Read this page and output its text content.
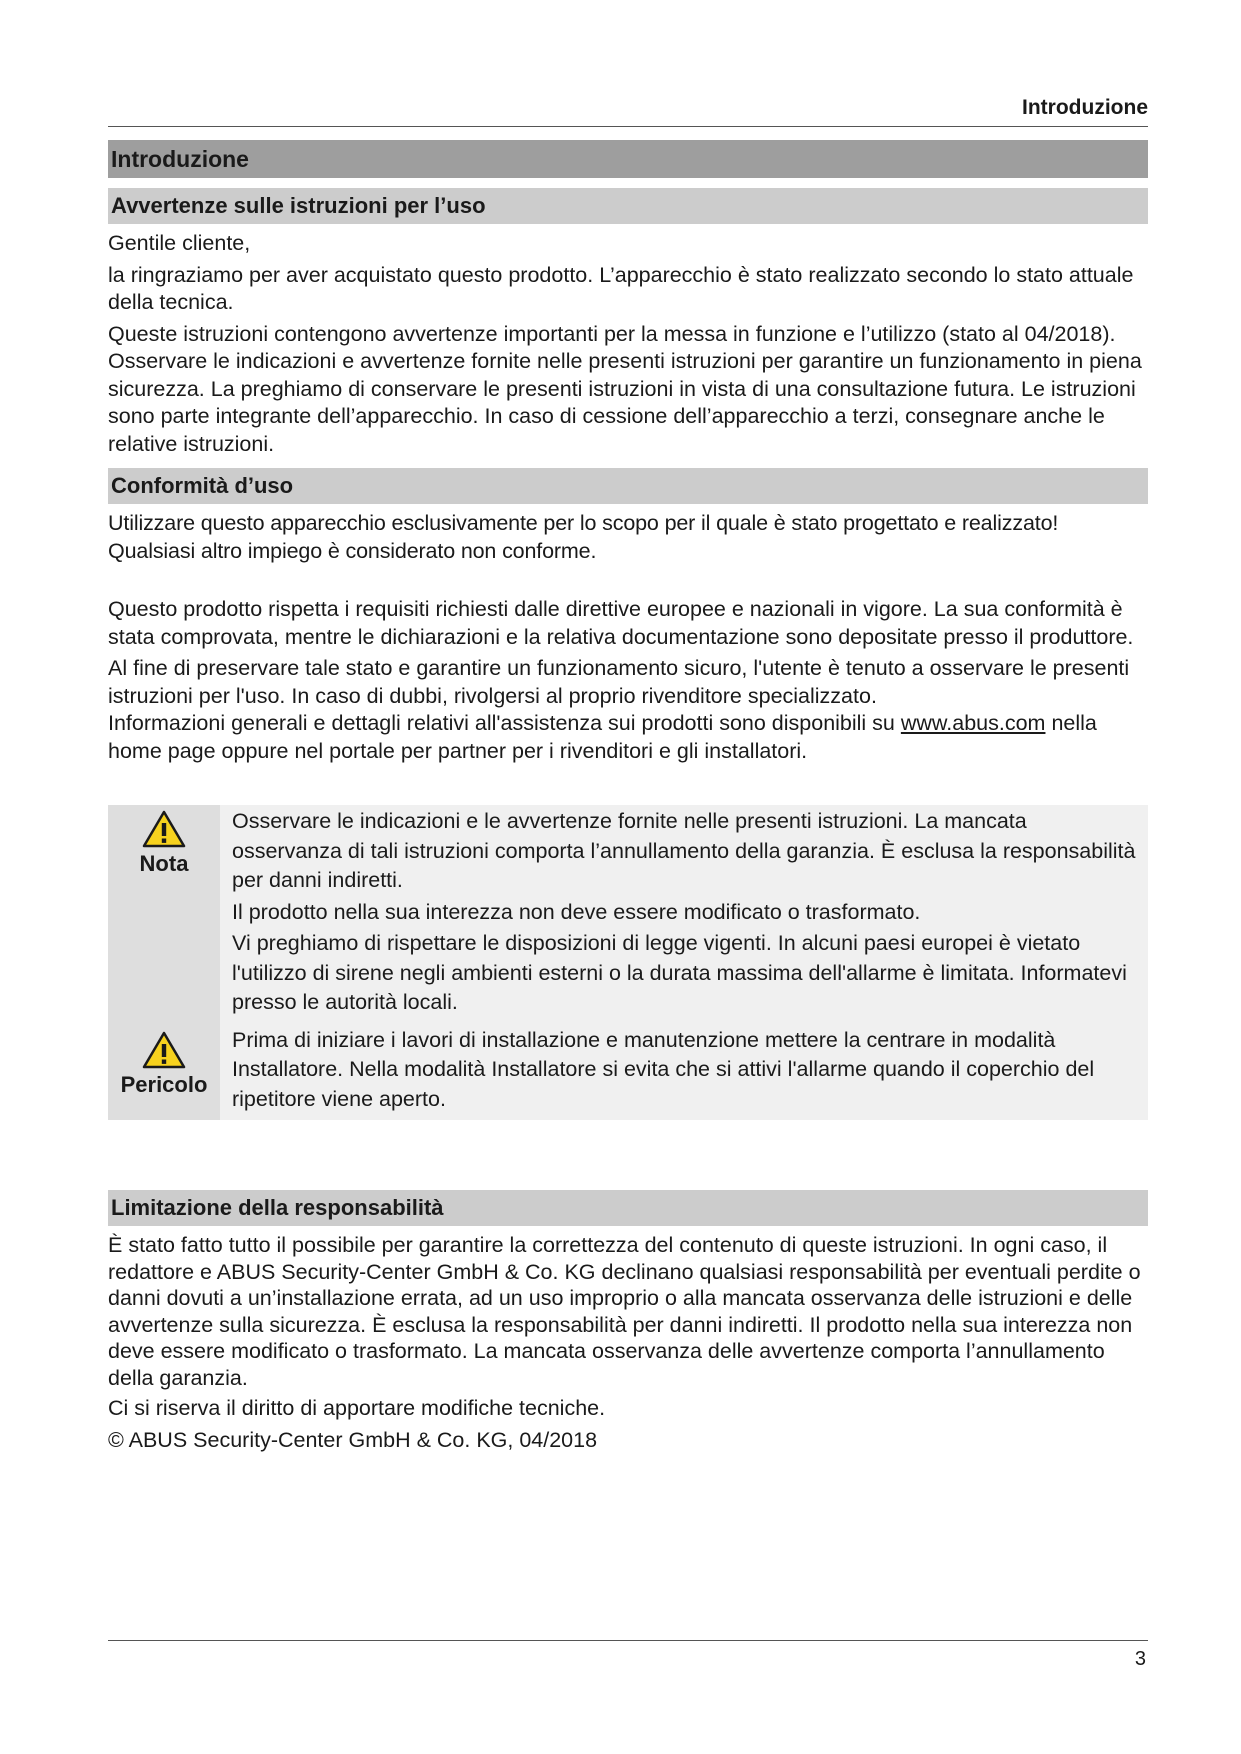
Introduzione
Introduzione
Avvertenze sulle istruzioni per l’uso

Gentile cliente,

la ringraziamo per aver acquistato questo prodotto. L’apparecchio è stato realizzato secondo lo stato attuale della tecnica.

Queste istruzioni contengono avvertenze importanti per la messa in funzione e l’utilizzo (stato al 04/2018). Osservare le indicazioni e avvertenze fornite nelle presenti istruzioni per garantire un funzionamento in piena sicurezza. La preghiamo di conservare le presenti istruzioni in vista di una consultazione futura. Le istruzioni sono parte integrante dell’apparecchio. In caso di cessione dell’apparecchio a terzi, consegnare anche le relative istruzioni.

Conformità d’uso

Utilizzare questo apparecchio esclusivamente per lo scopo per il quale è stato progettato e realizzato! Qualsiasi altro impiego è considerato non conforme.

Questo prodotto rispetta i requisiti richiesti dalle direttive europee e nazionali in vigore. La sua conformità è stata comprovata, mentre le dichiarazioni e la relativa documentazione sono depositate presso il produttore.

Al fine di preservare tale stato e garantire un funzionamento sicuro, l'utente è tenuto a osservare le presenti istruzioni per l'uso. In caso di dubbi, rivolgersi al proprio rivenditore specializzato.

Informazioni generali e dettagli relativi all'assistenza sui prodotti sono disponibili su www.abus.com nella home page oppure nel portale per partner per i rivenditori e gli installatori.

Nota

Osservare le indicazioni e le avvertenze fornite nelle presenti istruzioni. La mancata osservanza di tali istruzioni comporta l’annullamento della garanzia. È esclusa la responsabilità per danni indiretti.

Il prodotto nella sua interezza non deve essere modificato o trasformato.

Vi preghiamo di rispettare le disposizioni di legge vigenti. In alcuni paesi europei è vietato l'utilizzo di sirene negli ambienti esterni o la durata massima dell'allarme è limitata. Informatevi presso le autorità locali.

Pericolo

Prima di iniziare i lavori di installazione e manutenzione mettere la centrare in modalità Installatore. Nella modalità Installatore si evita che si attivi l'allarme quando il coperchio del ripetitore viene aperto.

Limitazione della responsabilità

È stato fatto tutto il possibile per garantire la correttezza del contenuto di queste istruzioni. In ogni caso, il redattore e ABUS Security-Center GmbH & Co. KG declinano qualsiasi responsabilità per eventuali perdite o danni dovuti a un’installazione errata, ad un uso improprio o alla mancata osservanza delle istruzioni e delle avvertenze sulla sicurezza. È esclusa la responsabilità per danni indiretti. Il prodotto nella sua interezza non deve essere modificato o trasformato. La mancata osservanza delle avvertenze comporta l’annullamento della garanzia.

Ci si riserva il diritto di apportare modifiche tecniche.

© ABUS Security-Center GmbH & Co. KG, 04/2018

3
